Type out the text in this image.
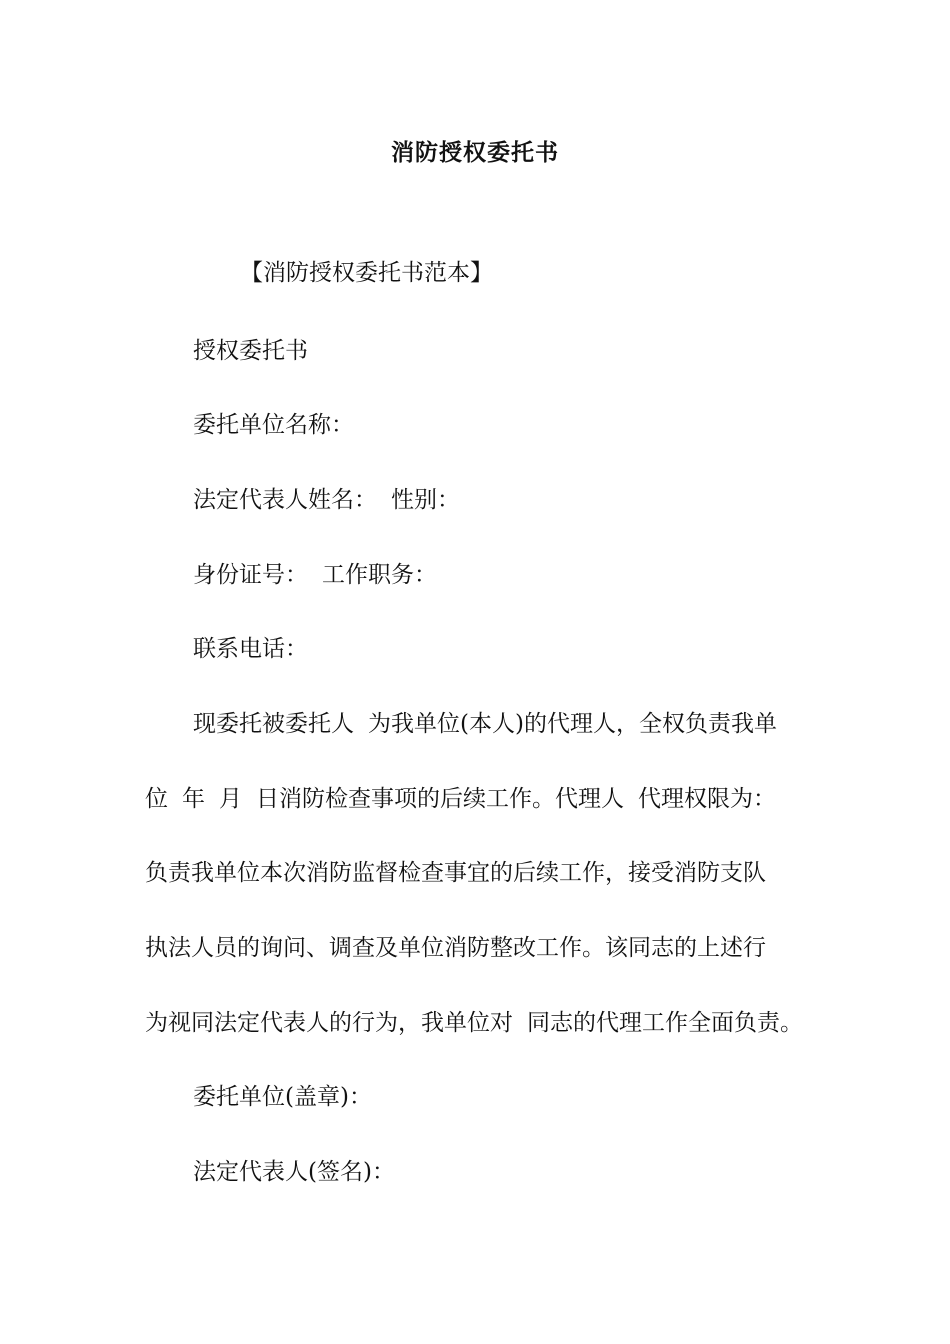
消防授权委托书
【消防授权委托书范本】
授权委托书
委托单位名称：
法定代表人姓名： 性别：
身份证号： 工作职务：
联系电话：
现委托被委托人 为我单位(本人)的代理人，全权负责我单
位 年 月 日消防检查事项的后续工作。代理人 代理权限为：
负责我单位本次消防监督检查事宜的后续工作，接受消防支队
执法人员的询问、调查及单位消防整改工作。该同志的上述行
为视同法定代表人的行为，我单位对 同志的代理工作全面负责。
委托单位(盖章)：
法定代表人(签名)：
